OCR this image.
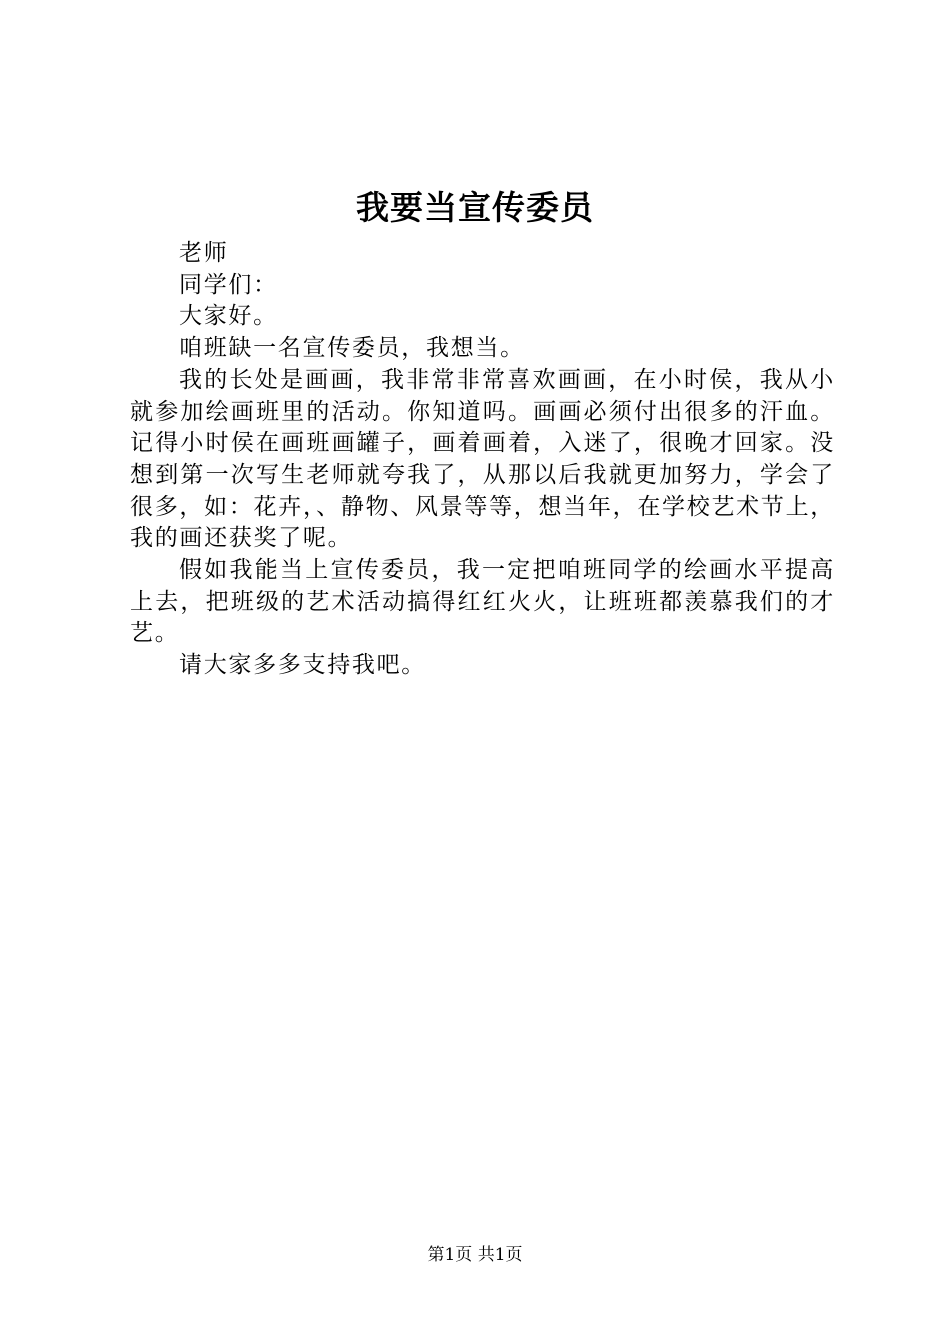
我要当宣传委员

老师

同学们：

大家好。

咱班缺一名宣传委员，我想当。

我的长处是画画，我非常非常喜欢画画，在小时侯，我从小就参加绘画班里的活动。你知道吗。画画必须付出很多的汗血。记得小时侯在画班画罐子，画着画着，入迷了，很晚才回家。没想到第一次写生老师就夸我了，从那以后我就更加努力，学会了很多，如：花卉，、静物、风景等等，想当年，在学校艺术节上，我的画还获奖了呢。

假如我能当上宣传委员，我一定把咱班同学的绘画水平提高上去，把班级的艺术活动搞得红红火火，让班班都羡慕我们的才艺。

请大家多多支持我吧。

第1页 共1页
